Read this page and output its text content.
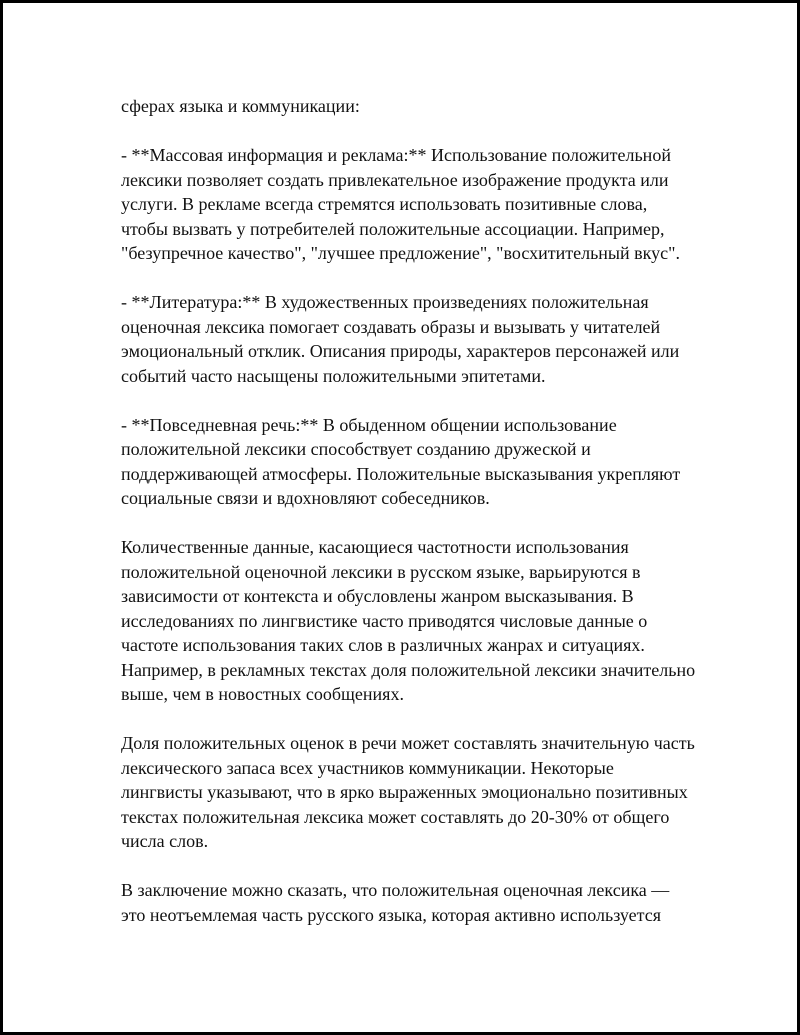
сферах языка и коммуникации:

- **Массовая информация и реклама:** Использование положительной лексики позволяет создать привлекательное изображение продукта или услуги. В рекламе всегда стремятся использовать позитивные слова, чтобы вызвать у потребителей положительные ассоциации. Например, "безупречное качество", "лучшее предложение", "восхитительный вкус".

- **Литература:** В художественных произведениях положительная оценочная лексика помогает создавать образы и вызывать у читателей эмоциональный отклик. Описания природы, характеров персонажей или событий часто насыщены положительными эпитетами.

- **Повседневная речь:** В обыденном общении использование положительной лексики способствует созданию дружеской и поддерживающей атмосферы. Положительные высказывания укрепляют социальные связи и вдохновляют собеседников.

Количественные данные, касающиеся частотности использования положительной оценочной лексики в русском языке, варьируются в зависимости от контекста и обусловлены жанром высказывания. В исследованиях по лингвистике часто приводятся числовые данные о частоте использования таких слов в различных жанрах и ситуациях. Например, в рекламных текстах доля положительной лексики значительно выше, чем в новостных сообщениях.

Доля положительных оценок в речи может составлять значительную часть лексического запаса всех участников коммуникации. Некоторые лингвисты указывают, что в ярко выраженных эмоционально позитивных текстах положительная лексика может составлять до 20-30% от общего числа слов.

В заключение можно сказать, что положительная оценочная лексика — это неотъемлемая часть русского языка, которая активно используется
